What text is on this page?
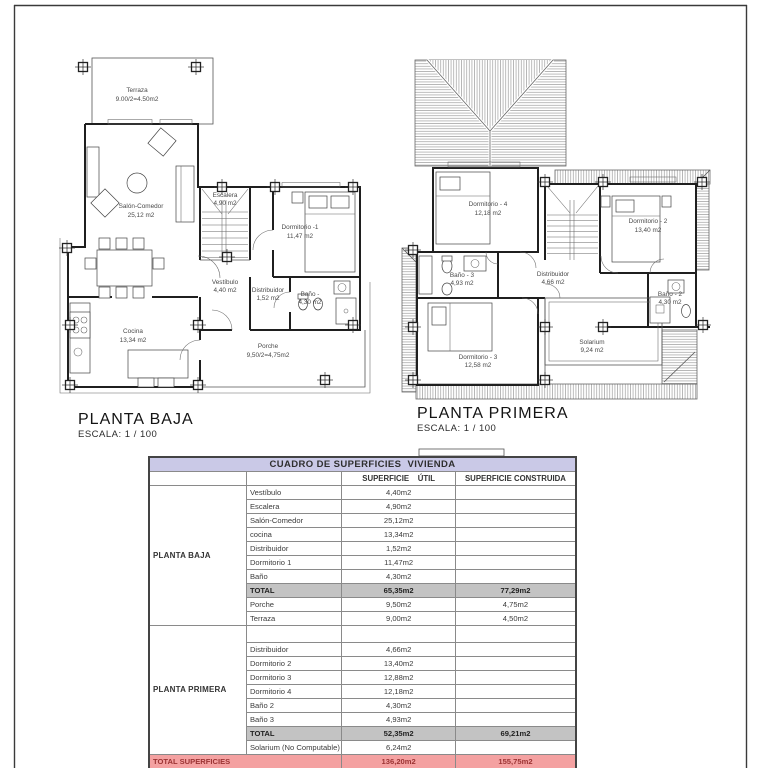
Terraza
9.00/2=4.50m2
Salón-Comedor
25,12 m2
Escalera
4,90 m2
Dormitorio -1
11,47 m2
Vestíbulo
4,40 m2 Distribuidor
1,52 m2
Baño -
4,30 m2
Cocina
13,34 m2
Porche
9,50/2=4,75m2
PLANTA BAJA
ESCALA: 1 / 100
Dormitorio - 4
12,18 m2
Dormitorio - 2
13,40 m2
Baño - 3
4,93 m2
Distribuidor
4,66 m2
Baño - 2
4,30 m2
Dormitorio - 3
12,58 m2
Solarium
9,24 m2
PLANTA PRIMERA
ESCALA: 1 / 100
CUADRO DE SUPERFICIES  VIVIENDA			
		SUPERFICIE    ÚTIL	SUPERFICIE CONSTRUIDA
PLANTA BAJA	Vestíbulo	4,40m2	
	Escalera	4,90m2	
	Salón-Comedor	25,12m2	
	cocina	13,34m2	
	Distribuidor	1,52m2	
	Dormitorio 1	11,47m2	
	Baño	4,30m2	
	TOTAL	65,35m2	77,29m2
	Porche	9,50m2	4,75m2
	Terraza	9,00m2	4,50m2
PLANTA PRIMERA			
	Distribuidor	4,66m2	
	Dormitorio 2	13,40m2	
	Dormitorio 3	12,88m2	
	Dormitorio 4	12,18m2	
	Baño 2	4,30m2	
	Baño 3	4,93m2	
	TOTAL	52,35m2	69,21m2
	Solarium (No Computable)	6,24m2	
TOTAL SUPERFICIES		136,20m2	155,75m2
